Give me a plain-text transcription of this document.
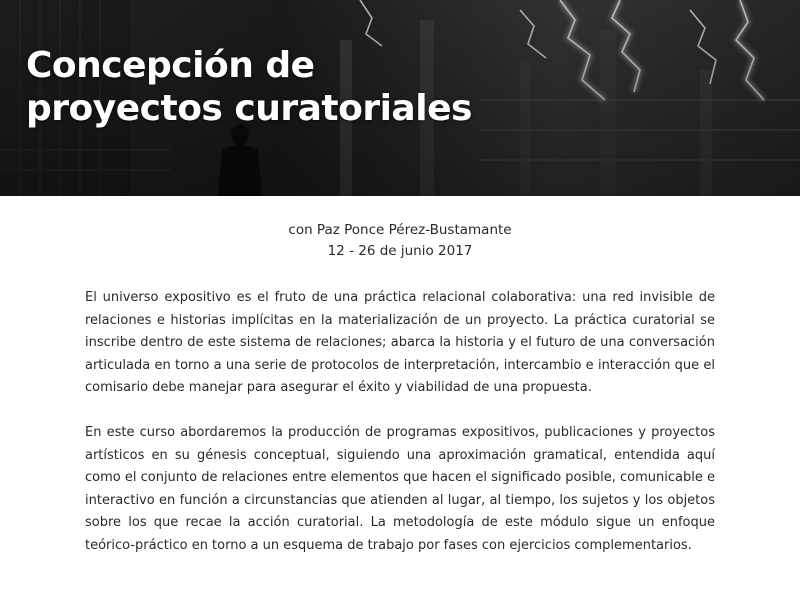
Concepción de
proyectos curatoriales
con Paz Ponce Pérez-Bustamante
12 - 26 de junio 2017

El universo expositivo es el fruto de una práctica relacional colaborativa: una red invisible de relaciones e historias implícitas en la materialización de un proyecto. La práctica curatorial se inscribe dentro de este sistema de relaciones; abarca la historia y el futuro de una conversación articulada en torno a una serie de protocolos de interpretación, intercambio e interacción que el comisario debe manejar para asegurar el éxito y viabilidad de una propuesta.

En este curso abordaremos la producción de programas expositivos, publicaciones y proyectos artísticos en su génesis conceptual, siguiendo una aproximación gramatical, entendida aquí como el conjunto de relaciones entre elementos que hacen el significado posible, comunicable e interactivo en función a circunstancias que atienden al lugar, al tiempo, los sujetos y los objetos sobre los que recae la acción curatorial. La metodología de este módulo sigue un enfoque teórico-práctico en torno a un esquema de trabajo por fases con ejercicios complementarios.
